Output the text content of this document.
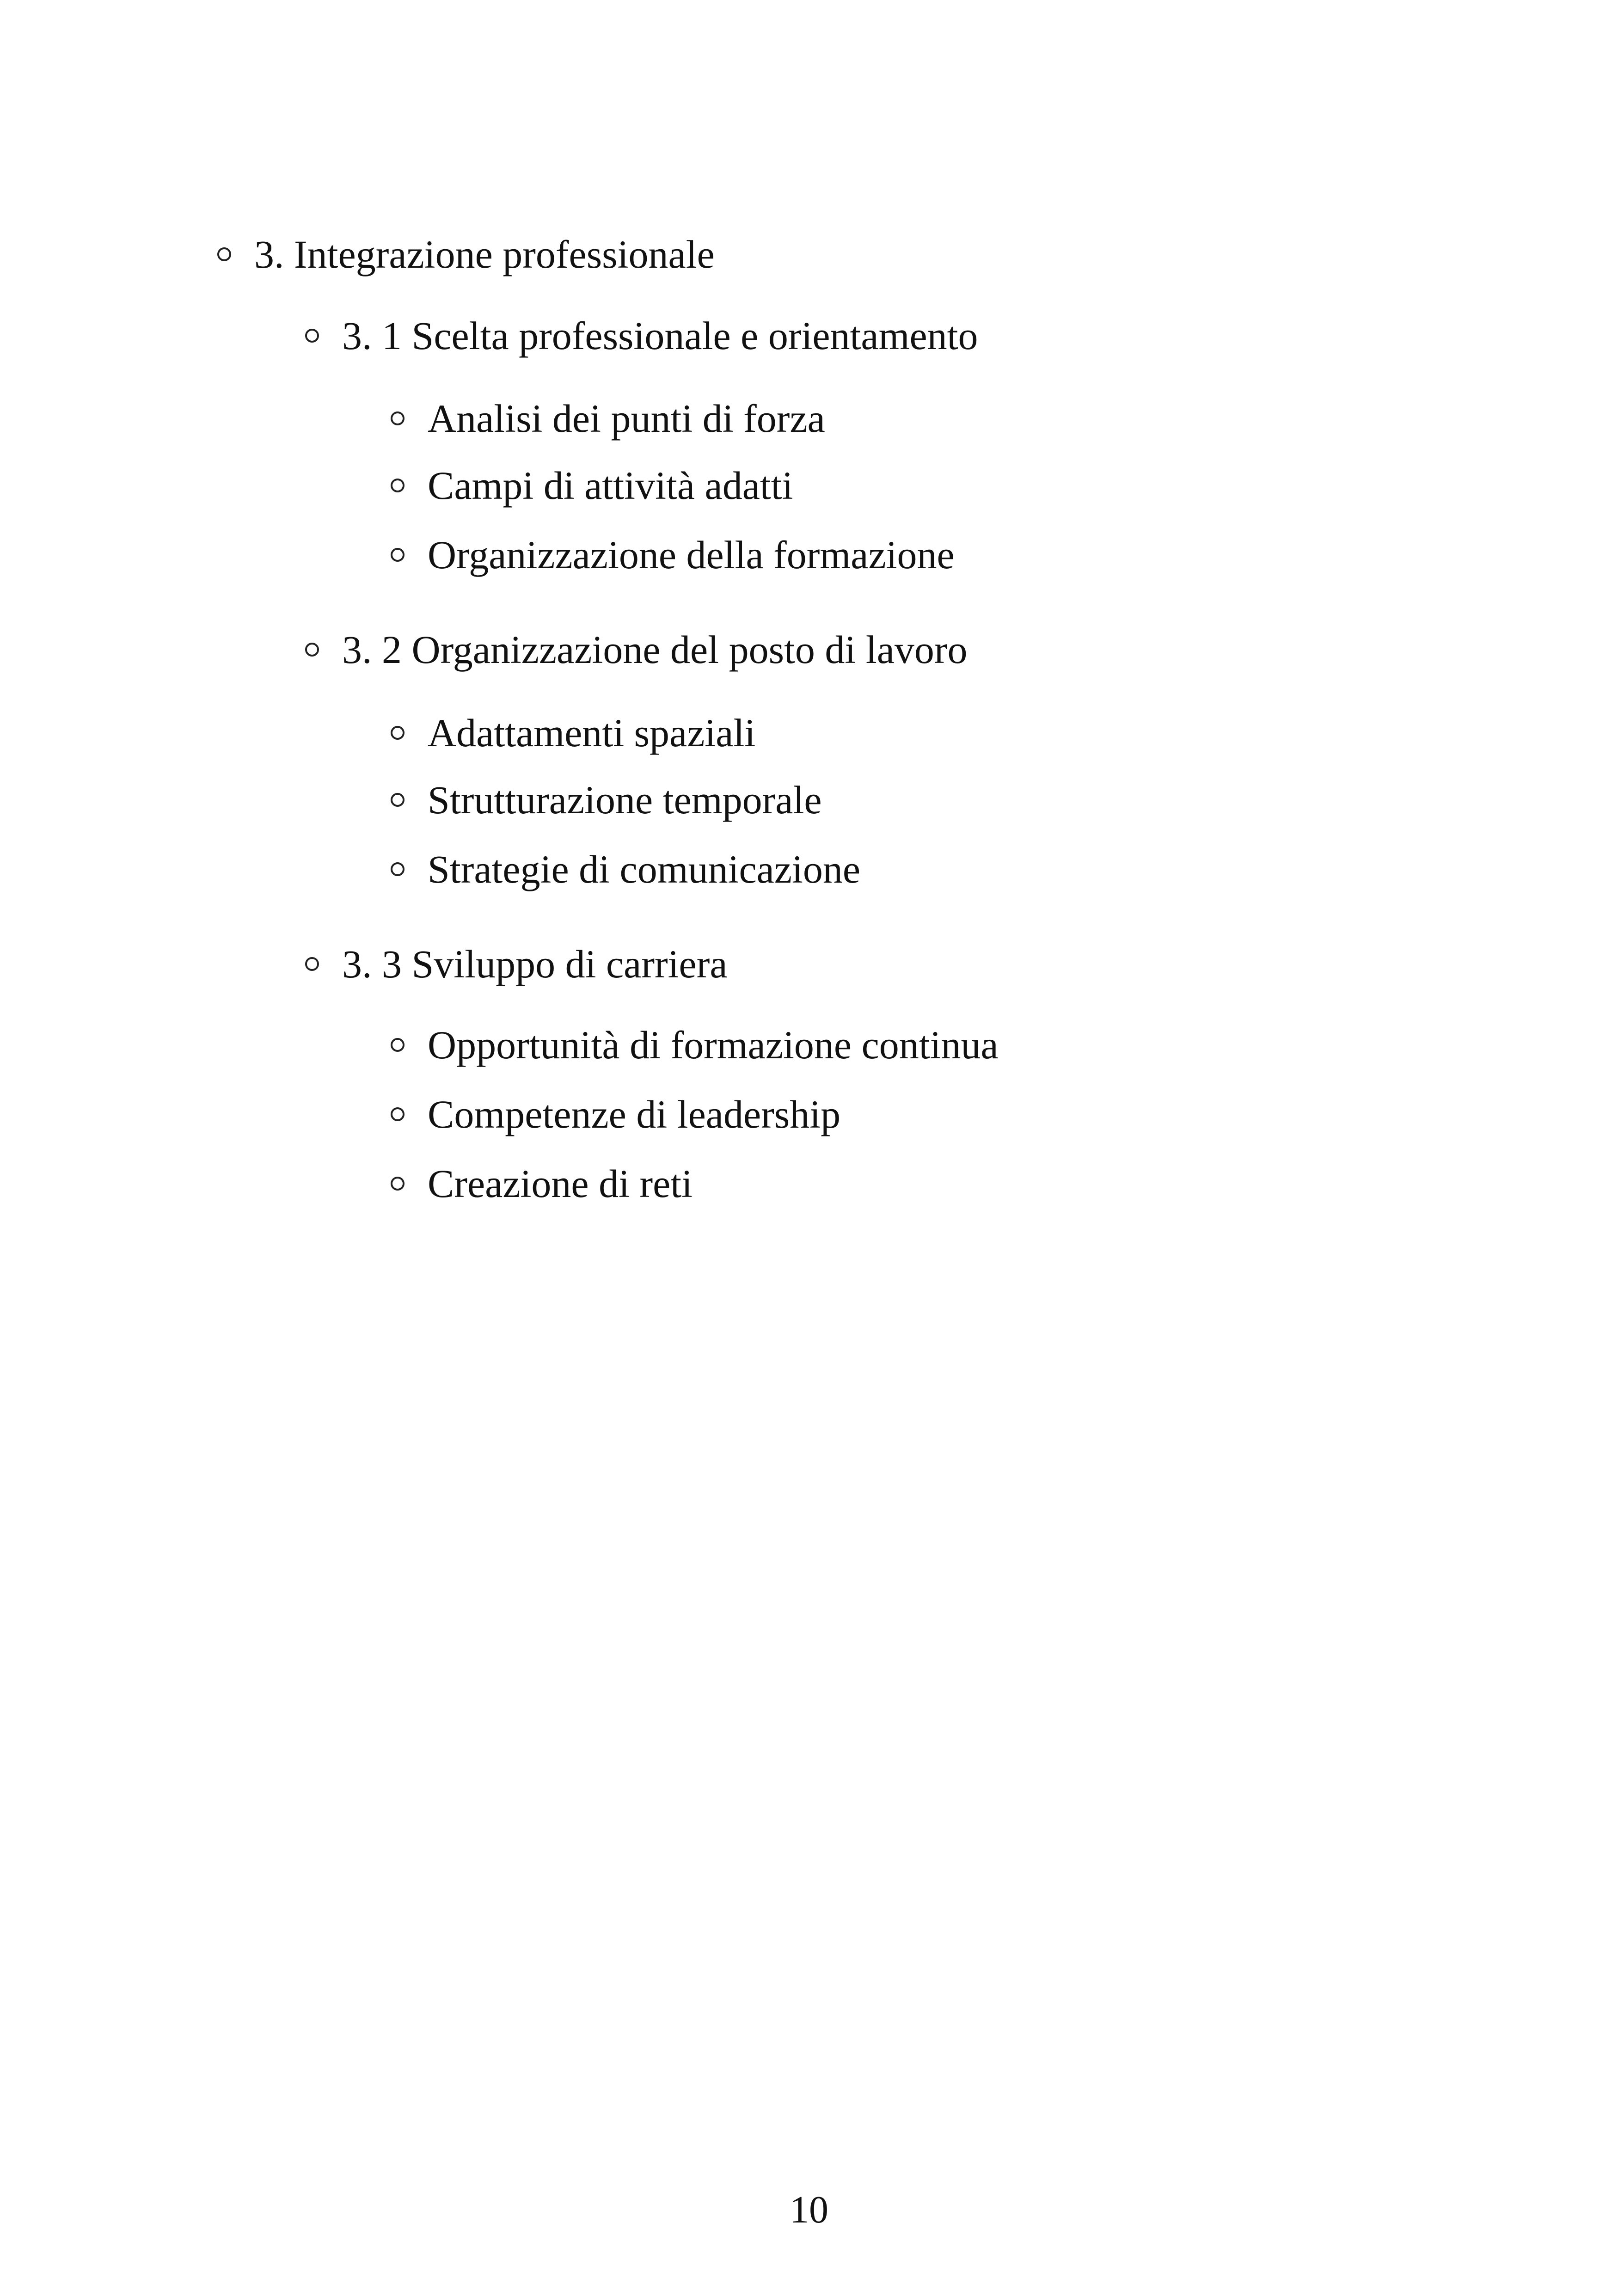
3. Integrazione professionale
3. 1 Scelta professionale e orientamento
Analisi dei punti di forza
Campi di attività adatti
Organizzazione della formazione
3. 2 Organizzazione del posto di lavoro
Adattamenti spaziali
Strutturazione temporale
Strategie di comunicazione
3. 3 Sviluppo di carriera
Opportunità di formazione continua
Competenze di leadership
Creazione di reti
10
